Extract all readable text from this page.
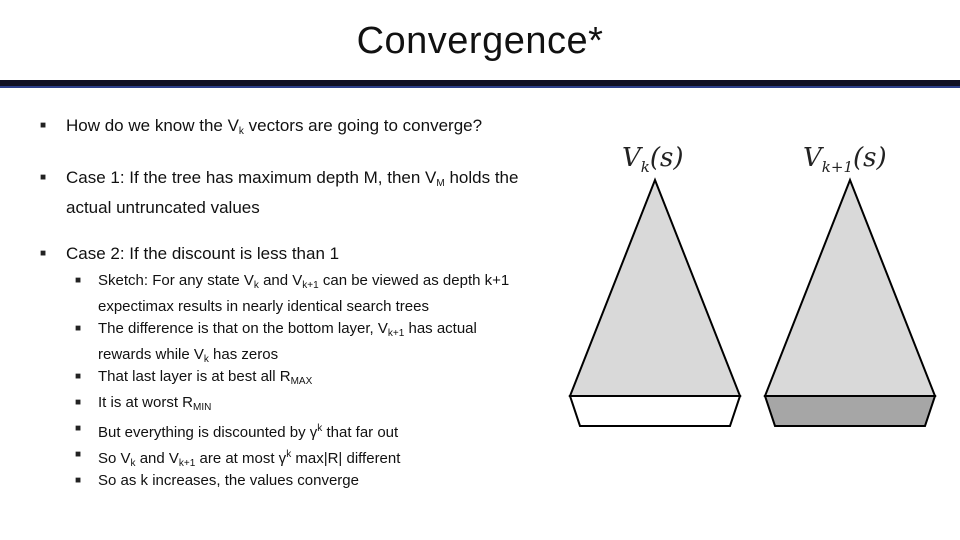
Convergence*
■	How do we know the $V_k$ vectors are going to converge?
■	Case 1: If the tree has maximum depth M, then $V_M$ holds the actual untruncated values
■	Case 2: If the discount is less than 1
■	Sketch: For any state $V_k$ and $V_{k+1}$ can be viewed as depth k+1 expectimax results in nearly identical search trees
■	The difference is that on the bottom layer, $V_{k+1}$ has actual rewards while $V_k$ has zeros
■	That last layer is at best all $R_{MAX}$
■	It is at worst $R_{MIN}$
■	But everything is discounted by $\gamma^k$ that far out
■	So $V_k$ and $V_{k+1}$ are at most $\gamma^k$ max|R| different
■	So as k increases, the values converge
$V_k(s)$	$V_{k+1}(s)$
